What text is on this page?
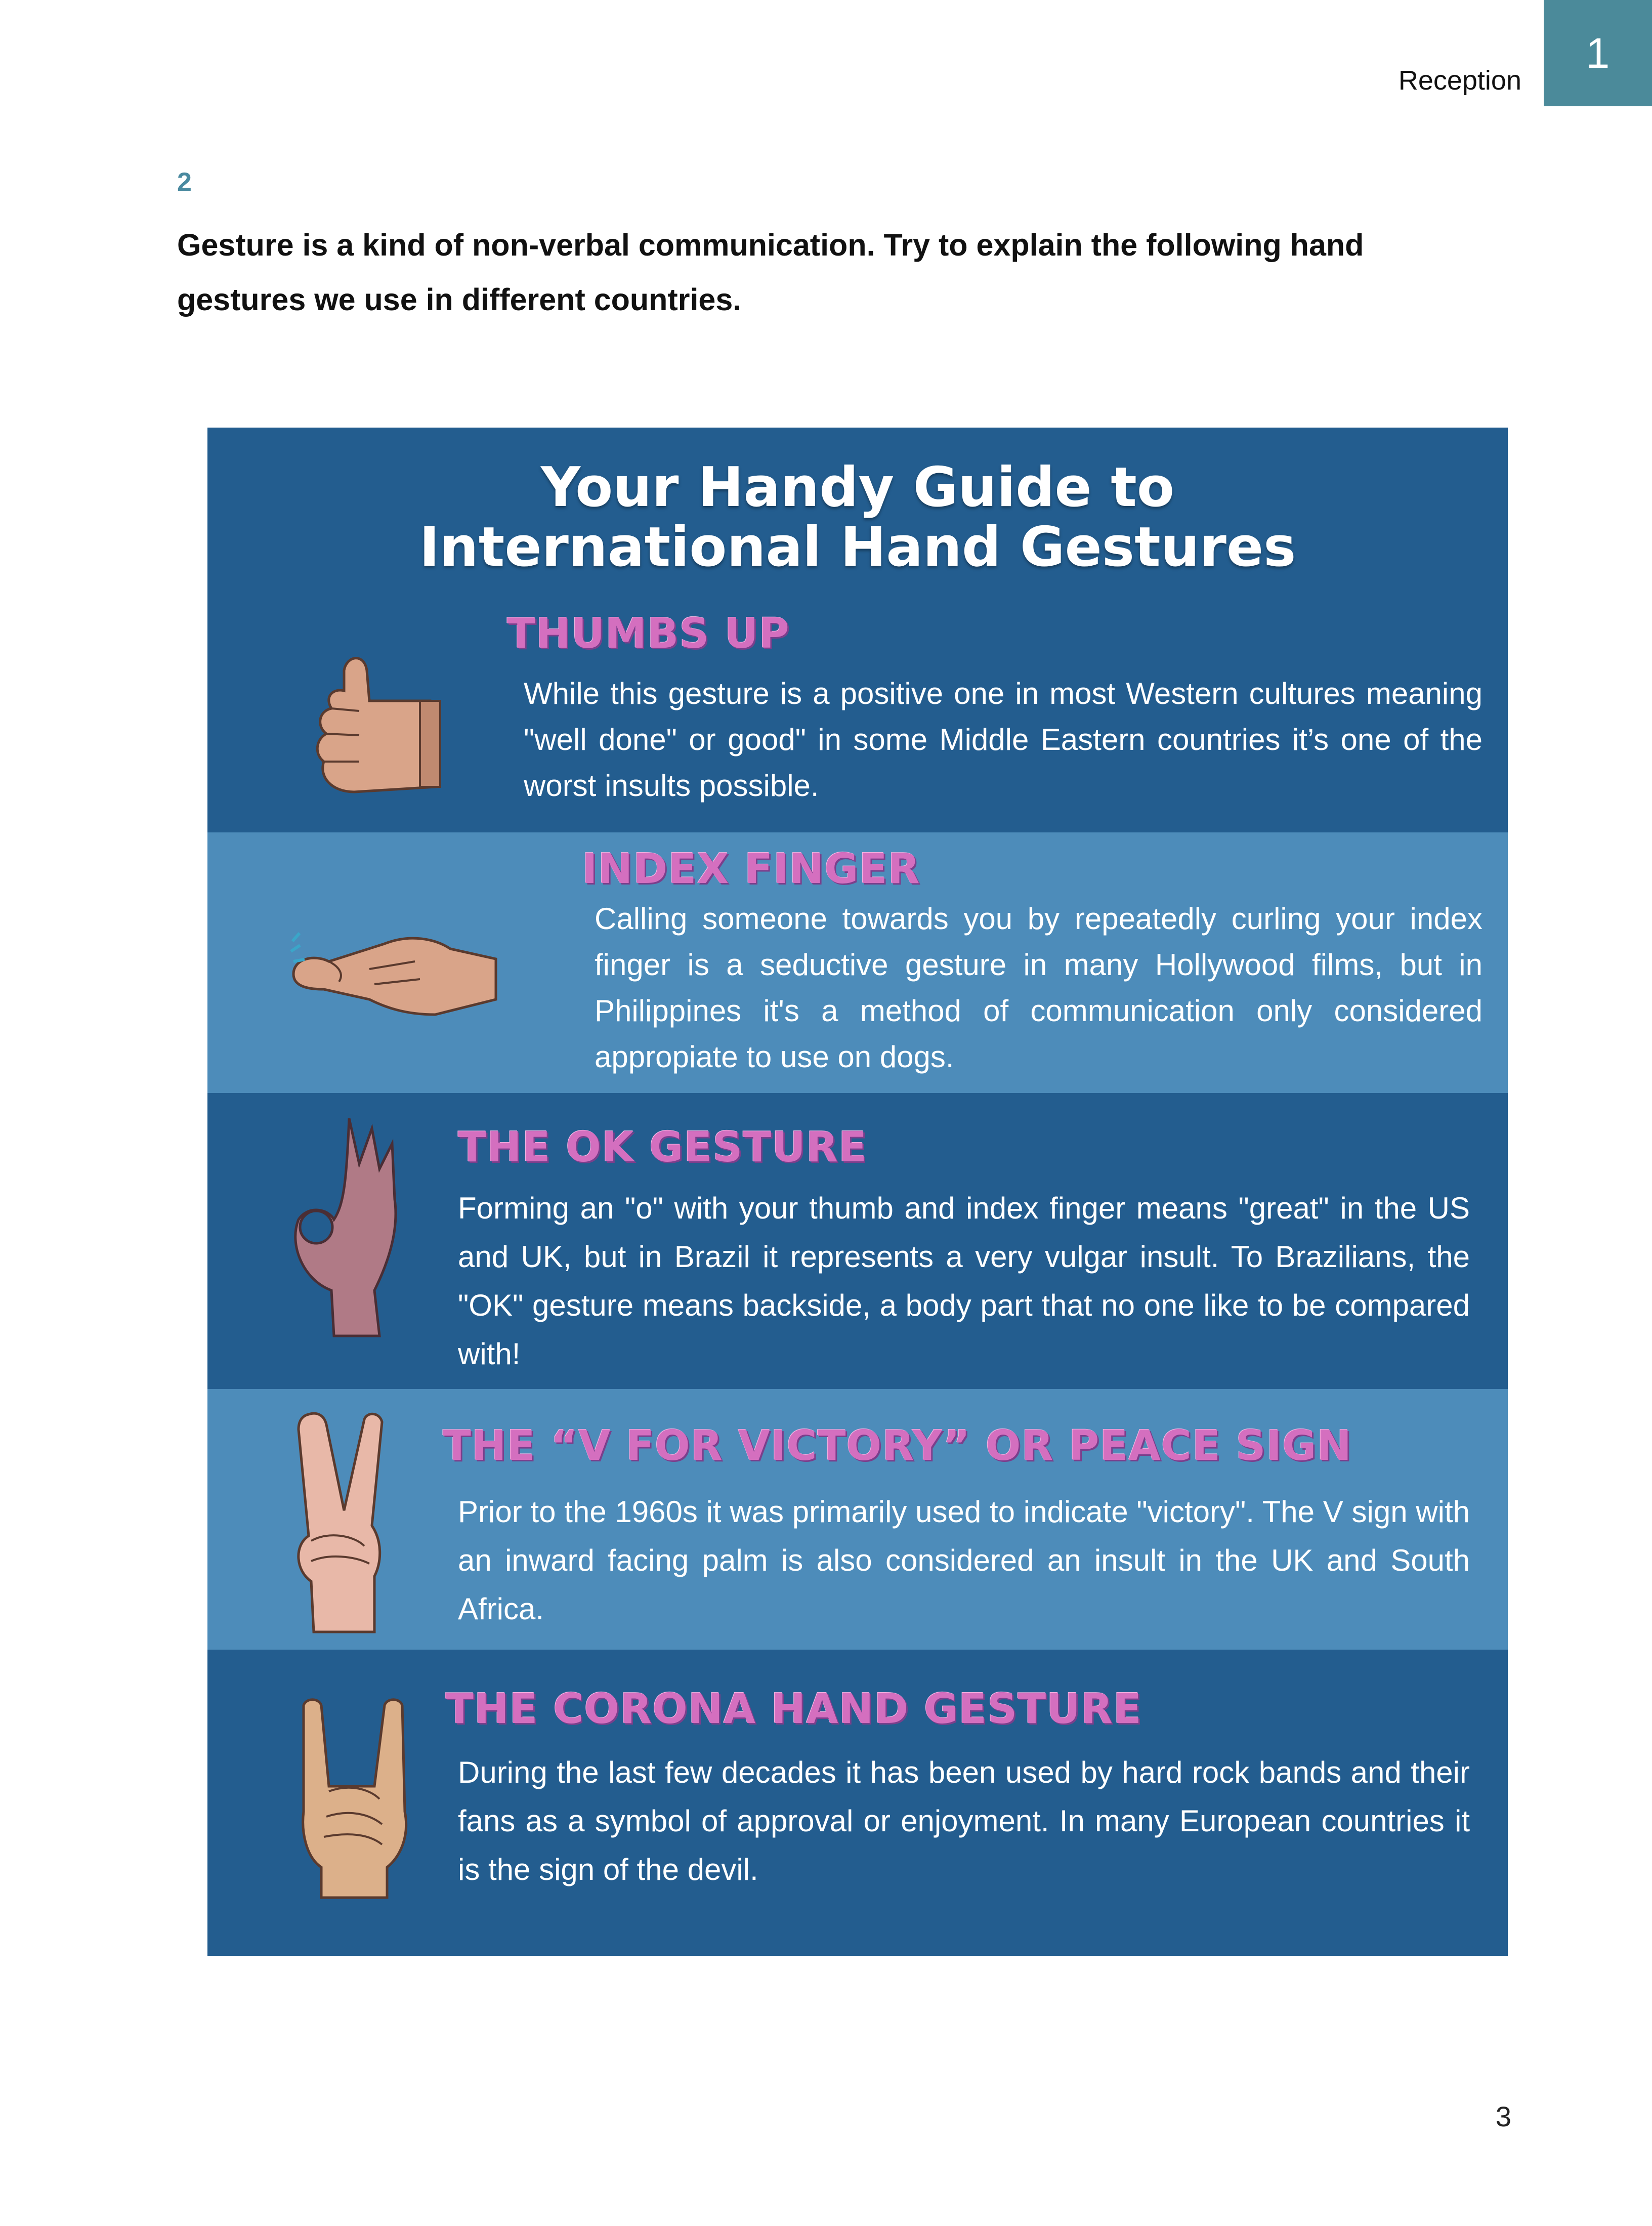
Reception
1
2
Gesture is a kind of non-verbal communication. Try to explain the following hand gestures we use in different countries.
THUMBS UP
While this gesture is a positive one in most Western cultures meaning "well done" or good" in some Middle Eastern countries it’s one of the worst insults possible.
INDEX FINGER
Calling someone towards you by repeatedly curling your index finger is a seductive gesture in many Hollywood films, but in Philippines it's a method of communication only considered appropiate to use on dogs.
THE OK GESTURE
Forming an "o" with your thumb and index finger means "great" in the US and UK, but in Brazil it represents a very vulgar insult. To Brazilians, the "OK" gesture means backside, a body part that no one like to be compared with!
THE “V FOR VICTORY” OR PEACE SIGN
Prior to the 1960s it was primarily used to indicate "victory". The V sign with an inward facing palm is also considered an insult in the UK and South Africa.
THE CORONA HAND GESTURE
During the last few decades it has been used by hard rock bands and their fans as a symbol of approval or enjoyment. In many European countries it is the sign of the devil.
Your Handy Guide to
International Hand Gestures
3
